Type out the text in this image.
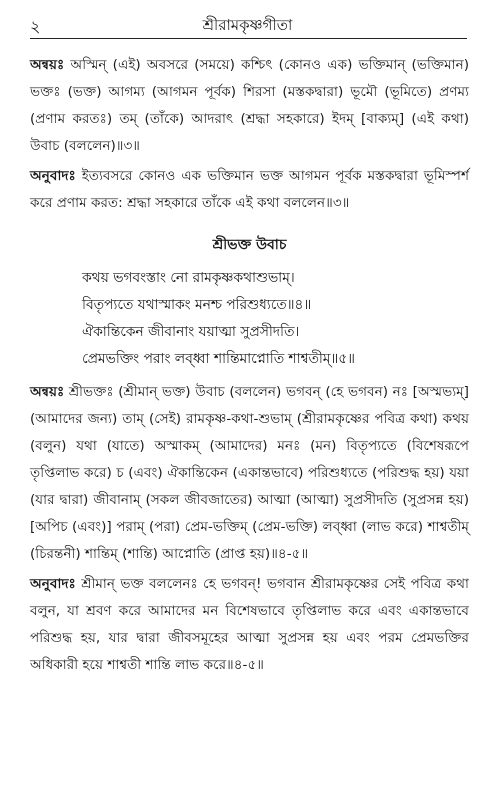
২	শ্রীরামকৃষ্ণগীতা

অন্বয়ঃ অস্মিন্ (এই) অবসরে (সময়ে) কশ্চিৎ (কোনও এক) ভক্তিমান্ (ভক্তিমান) ভক্তঃ (ভক্ত) আগম্য (আগমন পূর্বক) শিরসা (মস্তকদ্বারা) ভূমৌ (ভূমিতে) প্রণম্য (প্রণাম করতঃ) তম্ (তাঁকে) আদরাৎ (শ্রদ্ধা সহকারে) ইদম্ [বাক্যম্] (এই কথা) উবাচ (বললেন)॥৩॥

অনুবাদঃ ইত্যবসরে কোনও এক ভক্তিমান ভক্ত আগমন পূর্বক মস্তকদ্বারা ভূমিস্পর্শ করে প্রণাম করত: শ্রদ্ধা সহকারে তাঁকে এই কথা বললেন॥৩॥

শ্রীভক্ত উবাচ
কথয় ভগবংস্তাং নো রামকৃষ্ণকথাশুভাম্।
বিতৃপ্যতে যথাস্মাকং মনশ্চ পরিশুধ্যতে॥৪॥
ঐকান্তিকেন জীবানাং যয়াত্মা সুপ্রসীদতি।
প্রেমভক্তিং পরাং লব্ধ্বা শান্তিমাপ্নোতি শাশ্বতীম্॥৫॥

অন্বয়ঃ শ্রীভক্তঃ (শ্রীমান্ ভক্ত) উবাচ (বললেন) ভগবন্ (হে ভগবন) নঃ [অস্মভ্যম্] (আমাদের জন্য) তাম্ (সেই) রামকৃষ্ণ-কথা-শুভাম্ (শ্রীরামকৃষ্ণের পবিত্র কথা) কথয় (বলুন) যথা (যাতে) অস্মাকম্ (আমাদের) মনঃ (মন) বিতৃপ্যতে (বিশেষরূপে তৃপ্তিলাভ করে) চ (এবং) ঐকান্তিকেন (একান্তভাবে) পরিশুধ্যতে (পরিশুদ্ধ হয়) যয়া (যার দ্বারা) জীবানাম্ (সকল জীবজাতের) আত্মা (আত্মা) সুপ্রসীদতি (সুপ্রসন্ন হয়) [অপিচ (এবং)] পরাম্ (পরা) প্রেম-ভক্তিম্ (প্রেম-ভক্তি) লব্ধ্বা (লাভ করে) শাশ্বতীম্ (চিরন্তনী) শান্তিম্ (শান্তি) আপ্নোতি (প্রাপ্ত হয়)॥৪-৫॥

অনুবাদঃ শ্রীমান্ ভক্ত বললেনঃ হে ভগবন্! ভগবান শ্রীরামকৃষ্ণের সেই পবিত্র কথা বলুন, যা শ্রবণ করে আমাদের মন বিশেষভাবে তৃপ্তিলাভ করে এবং একান্তভাবে পরিশুদ্ধ হয়, যার দ্বারা জীবসমূহের আত্মা সুপ্রসন্ন হয় এবং পরম প্রেমভক্তির অধিকারী হয়ে শাশ্বতী শান্তি লাভ করে॥৪-৫॥
